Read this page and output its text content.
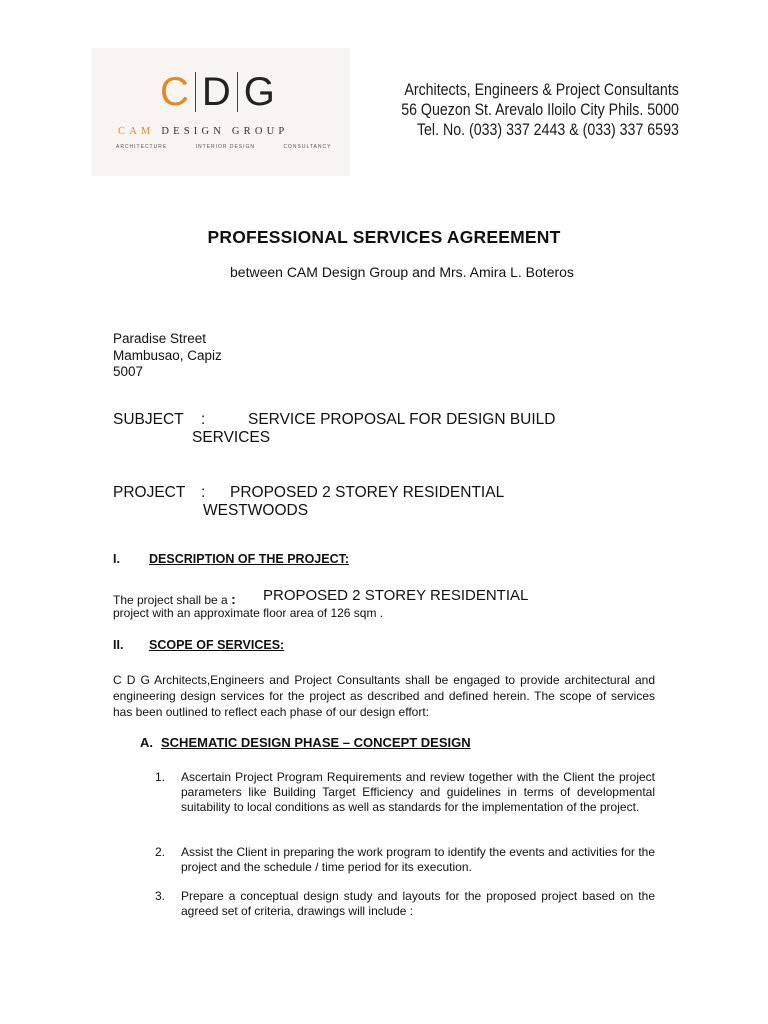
C D G
CAM DESIGN GROUP
ARCHITECTURE	INTERIOR DESIGN	CONSULTANCY
Architects, Engineers & Project Consultants
56 Quezon St. Arevalo Iloilo City Phils. 5000
Tel. No. (033) 337 2443 & (033) 337 6593
PROFESSIONAL SERVICES AGREEMENT
between CAM Design Group and Mrs. Amira L. Boteros
Paradise Street
Mambusao, Capiz
5007
SUBJECT :	SERVICE PROPOSAL FOR DESIGN BUILD
SERVICES
PROJECT : PROPOSED 2 STOREY RESIDENTIAL
WESTWOODS
I. DESCRIPTION OF THE PROJECT:
The project shall be a : PROPOSED 2 STOREY RESIDENTIAL
project with an approximate floor area of 126 sqm .
II. SCOPE OF SERVICES:
C D G Architects,Engineers and Project Consultants shall be engaged to provide architectural and engineering design services for the project as described and defined herein. The scope of services has been outlined to reflect each phase of our design effort:
A. SCHEMATIC DESIGN PHASE – CONCEPT DESIGN
1.	Ascertain Project Program Requirements and review together with the Client the project parameters like Building Target Efficiency and guidelines in terms of developmental suitability to local conditions as well as standards for the implementation of the project.
2.	Assist the Client in preparing the work program to identify the events and activities for the project and the schedule / time period for its execution.
3.	Prepare a conceptual design study and layouts for the proposed project based on the agreed set of criteria, drawings will include :
